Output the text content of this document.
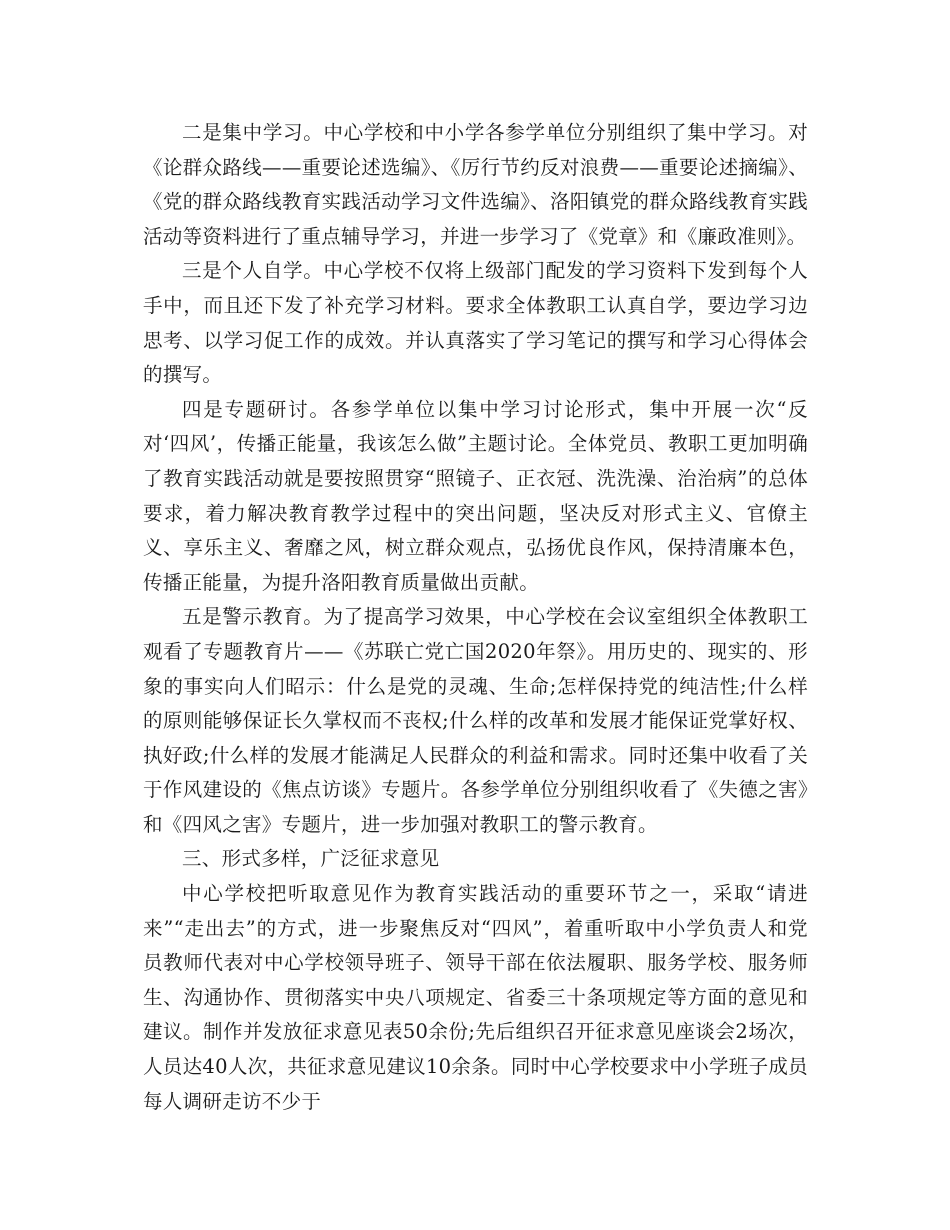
二是集中学习。中心学校和中小学各参学单位分别组织了集中学习。对《论群众路线——重要论述选编》、《厉行节约反对浪费——重要论述摘编》、《党的群众路线教育实践活动学习文件选编》、洛阳镇党的群众路线教育实践活动等资料进行了重点辅导学习，并进一步学习了《党章》和《廉政准则》。

三是个人自学。中心学校不仅将上级部门配发的学习资料下发到每个人手中，而且还下发了补充学习材料。要求全体教职工认真自学，要边学习边思考、以学习促工作的成效。并认真落实了学习笔记的撰写和学习心得体会的撰写。

四是专题研讨。各参学单位以集中学习讨论形式，集中开展一次“反对‘四风’，传播正能量，我该怎么做”主题讨论。全体党员、教职工更加明确了教育实践活动就是要按照贯穿“照镜子、正衣冠、洗洗澡、治治病”的总体要求，着力解决教育教学过程中的突出问题，坚决反对形式主义、官僚主义、享乐主义、奢靡之风，树立群众观点，弘扬优良作风，保持清廉本色，传播正能量，为提升洛阳教育质量做出贡献。

五是警示教育。为了提高学习效果，中心学校在会议室组织全体教职工观看了专题教育片——《苏联亡党亡国2020年祭》。用历史的、现实的、形象的事实向人们昭示：什么是党的灵魂、生命;怎样保持党的纯洁性;什么样的原则能够保证长久掌权而不丧权;什么样的改革和发展才能保证党掌好权、执好政;什么样的发展才能满足人民群众的利益和需求。同时还集中收看了关于作风建设的《焦点访谈》专题片。各参学单位分别组织收看了《失德之害》和《四风之害》专题片，进一步加强对教职工的警示教育。

三、形式多样，广泛征求意见

中心学校把听取意见作为教育实践活动的重要环节之一，采取“请进来”“走出去”的方式，进一步聚焦反对“四风”，着重听取中小学负责人和党员教师代表对中心学校领导班子、领导干部在依法履职、服务学校、服务师生、沟通协作、贯彻落实中央八项规定、省委三十条项规定等方面的意见和建议。制作并发放征求意见表50余份;先后组织召开征求意见座谈会2场次，人员达40人次，共征求意见建议10余条。同时中心学校要求中小学班子成员每人调研走访不少于
